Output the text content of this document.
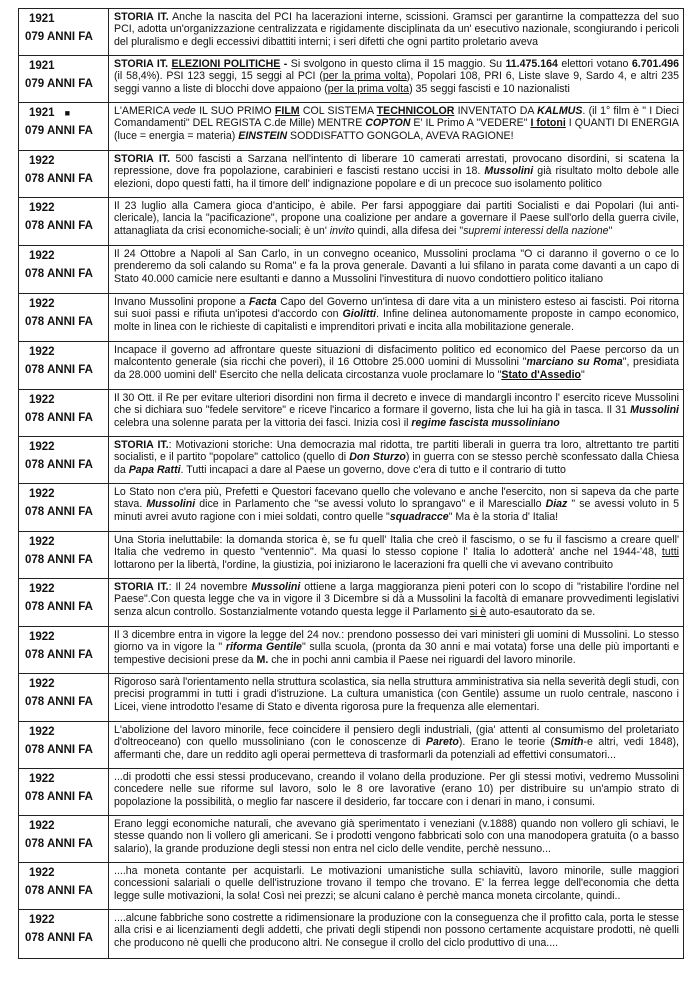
1921
079 ANNI FA
STORIA IT. Anche la nascita del PCI ha lacerazioni interne, scissioni. Gramsci per garantirne la compattezza del suo PCI, adotta un'organizzazione centralizzata e rigidamente disciplinata da un' esecutivo nazionale, scongiurando i pericoli del pluralismo e degli eccessivi dibattiti interni; i seri difetti che ogni partito proletario aveva
1921
079 ANNI FA
STORIA IT. ELEZIONI POLITICHE - Si svolgono in questo clima il 15 maggio. Su 11.475.164 elettori votano 6.701.496 (il 58,4%). PSI 123 seggi, 15 seggi al PCI (per la prima volta), Popolari 108, PRI 6, Liste slave 9, Sardo 4, e altri 235 seggi vanno a liste di blocchi dove appaiono (per la prima volta) 35 seggi fascisti e 10 nazionalisti
1921 ■
079 ANNI FA
L'AMERICA vede IL SUO PRIMO FILM COL SISTEMA TECHNICOLOR INVENTATO DA KALMUS. (il 1° film è " I Dieci Comandamenti" DEL REGISTA C.de Mille) MENTRE COPTON E' IL Primo A "VEDERE" I fotoni I QUANTI DI ENERGIA (luce = energia = materia) EINSTEIN SODDISFATTO GONGOLA, AVEVA RAGIONE!
1922
078 ANNI FA
STORIA IT. 500 fascisti a Sarzana nell'intento di liberare 10 camerati arrestati, provocano disordini, si scatena la repressione, dove fra popolazione, carabinieri e fascisti restano uccisi in 18. Mussolini già risultato molto debole alle elezioni, dopo questi fatti, ha il timore dell' indignazione popolare e di un precoce suo isolamento politico
1922
078 ANNI FA
Il 23 luglio alla Camera gioca d'anticipo, è abile. Per farsi appoggiare dai partiti Socialisti e dai Popolari (lui anti-clericale), lancia la "pacificazione", propone una coalizione per andare a governare il Paese sull'orlo della guerra civile, attanagliata da crisi economiche-sociali; è un' invito quindi, alla difesa dei "supremi interessi della nazione"
1922
078 ANNI FA
Il 24 Ottobre a Napoli al San Carlo, in un convegno oceanico, Mussolini proclama "O ci daranno il governo o ce lo prenderemo da soli calando su Roma" e fa la prova generale. Davanti a lui sfilano in parata come davanti a un capo di Stato 40.000 camicie nere esultanti e danno a Mussolini l'investitura di nuovo condottiero politico italiano
1922
078 ANNI FA
Invano Mussolini propone a Facta Capo del Governo un'intesa di dare vita a un ministero esteso ai fascisti. Poi ritorna sui suoi passi e rifiuta un'ipotesi d'accordo con Giolitti. Infine delinea autonomamente proposte in campo economico, molte in linea con le richieste di capitalisti e imprenditori privati e incita alla mobilitazione generale.
1922
078 ANNI FA
Incapace il governo ad affrontare queste situazioni di disfacimento politico ed economico del Paese percorso da un malcontento generale (sia ricchi che poveri), il 16 Ottobre 25.000 uomini di Mussolini "marciano su Roma", presidiata da 28.000 uomini dell' Esercito che nella delicata circostanza vuole proclamare lo "Stato d'Assedio"
1922
078 ANNI FA
Il 30 Ott. il Re per evitare ulteriori disordini non firma il decreto e invece di mandargli incontro l' esercito riceve Mussolini che si dichiara suo "fedele servitore" e riceve l'incarico a formare il governo, lista che lui ha già in tasca. Il 31 Mussolini celebra una solenne parata per la vittoria dei fasci. Inizia così il regime fascista mussoliniano
1922
078 ANNI FA
STORIA IT.: Motivazioni storiche: Una democrazia mal ridotta, tre partiti liberali in guerra tra loro, altrettanto tre partiti socialisti, e il partito "popolare" cattolico (quello di Don Sturzo) in guerra con se stesso perchè sconfessato dalla Chiesa da Papa Ratti. Tutti incapaci a dare al Paese un governo, dove c'era di tutto e il contrario di tutto
1922
078 ANNI FA
Lo Stato non c'era più, Prefetti e Questori facevano quello che volevano e anche l'esercito, non si sapeva da che parte stava. Mussolini dice in Parlamento che "se avessi voluto lo sprangavo" e il Maresciallo Diaz " se avessi voluto in 5 minuti avrei avuto ragione con i miei soldati, contro quelle "squadracce" Ma è la storia d' Italia!
1922
078 ANNI FA
Una Storia ineluttabile: la domanda storica è, se fu quell' Italia che creò il fascismo, o se fu il fascismo a creare quell' Italia che vedremo in questo "ventennio". Ma quasi lo stesso copione l' Italia lo adotterà' anche nel 1944-'48, tutti lottarono per la libertà, l'ordine, la giustizia, poi iniziarono le lacerazioni fra quelli che vi avevano contribuito
1922
078 ANNI FA
STORIA IT.: Il 24 novembre Mussolini ottiene a larga maggioranza pieni poteri con lo scopo di "ristabilire l'ordine nel Paese".Con questa legge che va in vigore il 3 Dicembre si dà a Mussolini la facoltà di emanare provvedimenti legislativi senza alcun controllo. Sostanzialmente votando questa legge il Parlamento si è auto-esautorato da se.
1922
078 ANNI FA
Il 3 dicembre entra in vigore la legge del 24 nov.: prendono possesso dei vari ministeri gli uomini di Mussolini. Lo stesso giorno va in vigore la " riforma Gentile" sulla scuola, (pronta da 30 anni e mai votata) forse una delle più importanti e tempestive decisioni prese da M. che in pochi anni cambia il Paese nei riguardi del lavoro minorile.
1922
078 ANNI FA
Rigoroso sarà l'orientamento nella struttura scolastica, sia nella struttura amministrativa sia nella severità degli studi, con precisi programmi in tutti i gradi d'istruzione. La cultura umanistica (con Gentile) assume un ruolo centrale, nascono i Licei, viene introdotto l'esame di Stato e diventa rigorosa pure la frequenza alle elementari.
1922
078 ANNI FA
L'abolizione del lavoro minorile, fece coincidere il pensiero degli industriali, (gia' attenti al consumismo del proletariato d'oltreoceano) con quello mussoliniano (con le conoscenze di Pareto). Erano le teorie (Smith-e altri, vedi 1848), affermanti che, dare un reddito agli operai permetteva di trasformarli da potenziali ad effettivi consumatori...
1922
078 ANNI FA
...di prodotti che essi stessi producevano, creando il volano della produzione. Per gli stessi motivi, vedremo Mussolini concedere nelle sue riforme sul lavoro, solo le 8 ore lavorative (erano 10) per distribuire su un'ampio strato di popolazione la possibilità, o meglio far nascere il desiderio, far toccare con i denari in mano, i consumi.
1922
078 ANNI FA
Erano leggi economiche naturali, che avevano già sperimentato i veneziani (v.1888) quando non vollero gli schiavi, le stesse quando non li vollero gli americani. Se i prodotti vengono fabbricati solo con una manodopera gratuita (o a basso salario), la grande produzione degli stessi non entra nel ciclo delle vendite, perchè nessuno...
1922
078 ANNI FA
....ha moneta contante per acquistarli. Le motivazioni umanistiche sulla schiavitù, lavoro minorile, sulle maggiori concessioni salariali o quelle dell'istruzione trovano il tempo che trovano. E' la ferrea legge dell'economia che detta legge sulle motivazioni, la sola! Così nei prezzi; se alcuni calano è perchè manca moneta circolante, quindi..
1922
078 ANNI FA
....alcune fabbriche sono costrette a ridimensionare la produzione con la conseguenza che il profitto cala, porta le stesse alla crisi e ai licenziamenti degli addetti, che privati degli stipendi non possono certamente acquistare prodotti, nè quelli che producono nè quelli che producono altri. Ne consegue il crollo del ciclo produttivo di una....
